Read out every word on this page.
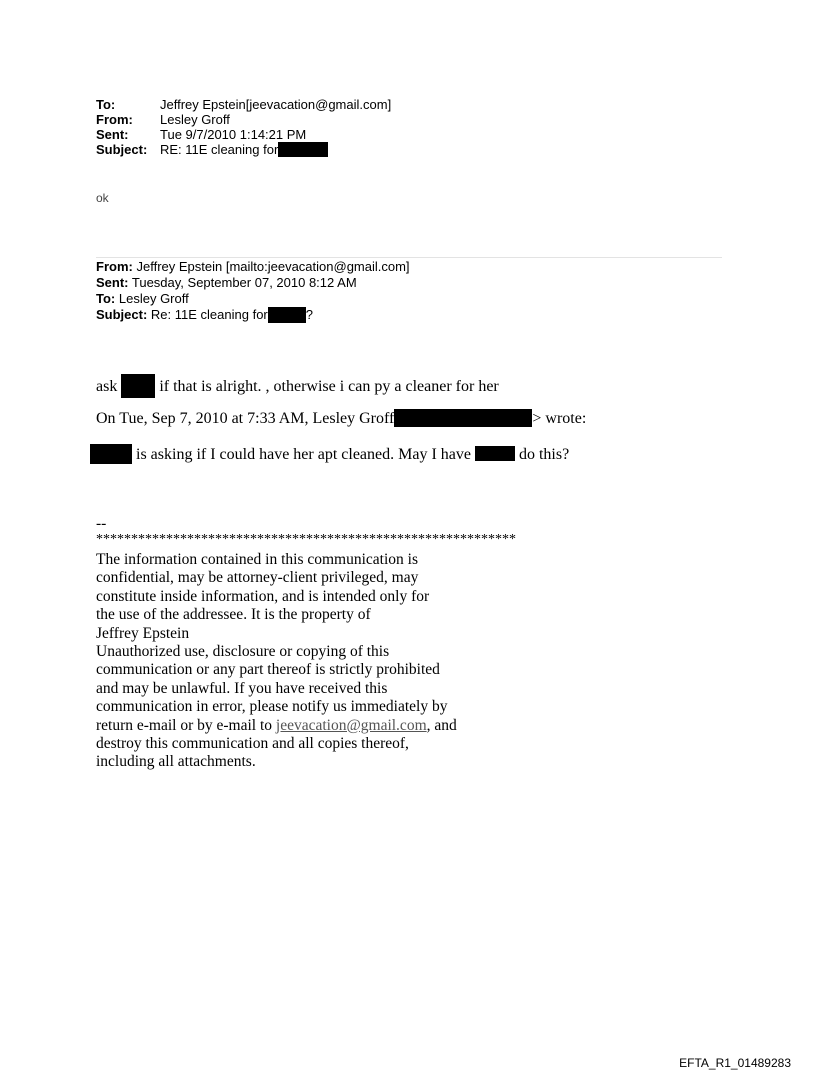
To:	Jeffrey Epstein[jeevacation@gmail.com]
From: Lesley Groff
Sent: Tue 9/7/2010 1:14:21 PM
Subject: RE: 11E cleaning for
ok
From: Jeffrey Epstein [mailto:jeevacation@gmail.com]
Sent: Tuesday, September 07, 2010 8:12 AM
To: Lesley Groff
Subject: Re: 11E cleaning for	?
ask	if that is alright. , otherwise i can py a cleaner for her
On Tue, Sep 7, 2010 at 7:33 AM, Lesley Groff	> wrote:
is asking if I could have her apt cleaned. May I have	do this?
--
************************************************************
The information contained in this communication is
confidential, may be attorney-client privileged, may
constitute inside information, and is intended only for
the use of the addressee. It is the property of
Jeffrey Epstein
Unauthorized use, disclosure or copying of this
communication or any part thereof is strictly prohibited
and may be unlawful. If you have received this
communication in error, please notify us immediately by
return e-mail or by e-mail to jeevacation@gmail.com, and
destroy this communication and all copies thereof,
including all attachments.
EFTA_R1_01489283
